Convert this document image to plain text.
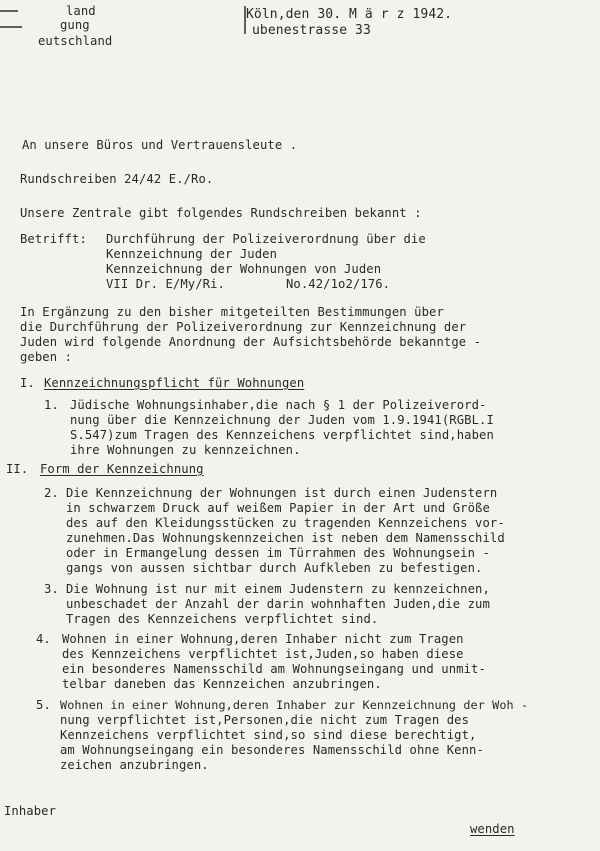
land
gung
eutschland
Köln,den 30. M ä r z 1942.
ubenestrasse 33
An unsere Büros und Vertrauensleute .
Rundschreiben 24/42 E./Ro.
Unsere Zentrale gibt folgendes Rundschreiben bekannt :
Betrifft: Durchführung der Polizeiverordnung über die
Kennzeichnung der Juden
Kennzeichnung der Wohnungen von Juden
VII Dr. E/My/Ri.	No.42/1o2/176.
In Ergänzung zu den bisher mitgeteilten Bestimmungen über
die Durchführung der Polizeiverordnung zur Kennzeichnung der
Juden wird folgende Anordnung der Aufsichtsbehörde bekanntge -
geben :
I. Kennzeichnungspflicht für Wohnungen
1. Jüdische Wohnungsinhaber,die nach § 1 der Polizeiverord-
nung über die Kennzeichnung der Juden vom 1.9.1941(RGBL.I
S.547)zum Tragen des Kennzeichens verpflichtet sind,haben
ihre Wohnungen zu kennzeichnen.
II. Form der Kennzeichnung
2. Die Kennzeichnung der Wohnungen ist durch einen Judenstern
in schwarzem Druck auf weißem Papier in der Art und Größe
des auf den Kleidungsstücken zu tragenden Kennzeichens vor-
zunehmen.Das Wohnungskennzeichen ist neben dem Namensschild
oder in Ermangelung dessen im Türrahmen des Wohnungsein -
gangs von aussen sichtbar durch Aufkleben zu befestigen.
3. Die Wohnung ist nur mit einem Judenstern zu kennzeichnen,
unbeschadet der Anzahl der darin wohnhaften Juden,die zum
Tragen des Kennzeichens verpflichtet sind.
4. Wohnen in einer Wohnung,deren Inhaber nicht zum Tragen
des Kennzeichens verpflichtet ist,Juden,so haben diese
ein besonderes Namensschild am Wohnungseingang und unmit-
telbar daneben das Kennzeichen anzubringen.
5. Wohnen in einer Wohnung,deren Inhaber zur Kennzeichnung der Woh -
nung verpflichtet ist,Personen,die nicht zum Tragen des
Kennzeichens verpflichtet sind,so sind diese berechtigt,
am Wohnungseingang ein besonderes Namensschild ohne Kenn-
zeichen anzubringen.
Inhaber
wenden
